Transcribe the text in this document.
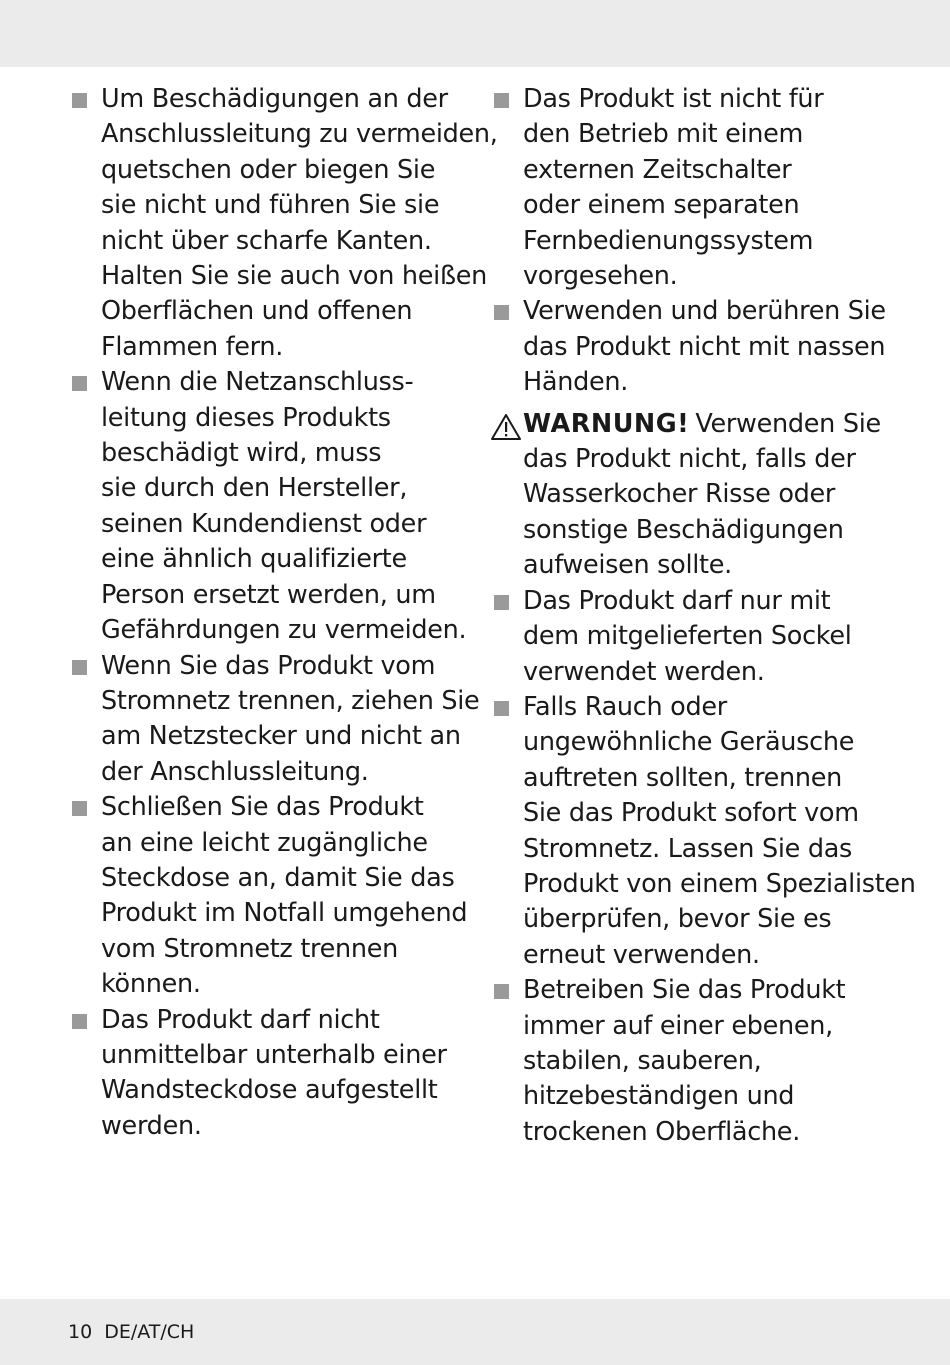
Um Beschädigungen an der
Anschlussleitung zu vermeiden,
quetschen oder biegen Sie
sie nicht und führen Sie sie
nicht über scharfe Kanten.
Halten Sie sie auch von heißen
Oberflächen und offenen
Flammen fern.
Wenn die Netzanschluss-
leitung dieses Produkts
beschädigt wird, muss
sie durch den Hersteller,
seinen Kundendienst oder
eine ähnlich qualifizierte
Person ersetzt werden, um
Gefährdungen zu vermeiden.
Wenn Sie das Produkt vom
Stromnetz trennen, ziehen Sie
am Netzstecker und nicht an
der Anschlussleitung.
Schließen Sie das Produkt
an eine leicht zugängliche
Steckdose an, damit Sie das
Produkt im Notfall umgehend
vom Stromnetz trennen
können.
Das Produkt darf nicht
unmittelbar unterhalb einer
Wandsteckdose aufgestellt
werden.
Das Produkt ist nicht für
den Betrieb mit einem
externen Zeitschalter
oder einem separaten
Fernbedienungssystem
vorgesehen.
Verwenden und berühren Sie
das Produkt nicht mit nassen
Händen.
WARNUNG! Verwenden Sie das Produkt nicht, falls der Wasserkocher Risse oder sonstige Beschädigungen aufweisen sollte.
Das Produkt darf nur mit
dem mitgelieferten Sockel
verwendet werden.
Falls Rauch oder
ungewöhnliche Geräusche
auftreten sollten, trennen
Sie das Produkt sofort vom
Stromnetz. Lassen Sie das
Produkt von einem Spezialisten
überprüfen, bevor Sie es
erneut verwenden.
Betreiben Sie das Produkt
immer auf einer ebenen,
stabilen, sauberen,
hitzebeständigen und
trockenen Oberfläche.
10 DE/AT/CH
